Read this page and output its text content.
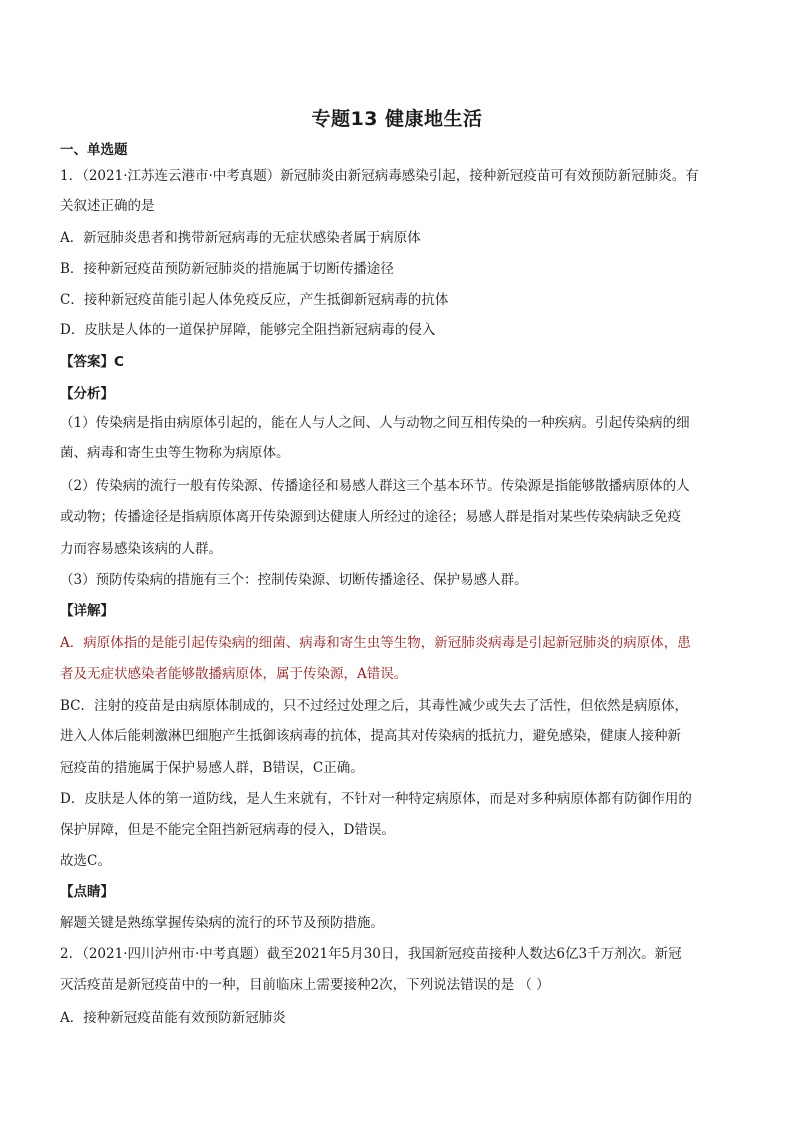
专题13 健康地生活
一、单选题
1．（2021·江苏连云港市·中考真题）新冠肺炎由新冠病毒感染引起，接种新冠疫苗可有效预防新冠肺炎。有
关叙述正确的是
A．新冠肺炎患者和携带新冠病毒的无症状感染者属于病原体
B．接种新冠疫苗预防新冠肺炎的措施属于切断传播途径
C．接种新冠疫苗能引起人体免疫反应，产生抵御新冠病毒的抗体
D．皮肤是人体的一道保护屏障，能够完全阻挡新冠病毒的侵入
【答案】C
【分析】
（1）传染病是指由病原体引起的，能在人与人之间、人与动物之间互相传染的一种疾病。引起传染病的细
菌、病毒和寄生虫等生物称为病原体。
（2）传染病的流行一般有传染源、传播途径和易感人群这三个基本环节。传染源是指能够散播病原体的人
或动物；传播途径是指病原体离开传染源到达健康人所经过的途径；易感人群是指对某些传染病缺乏免疫
力而容易感染该病的人群。
（3）预防传染病的措施有三个：控制传染源、切断传播途径、保护易感人群。
【详解】
A．病原体指的是能引起传染病的细菌、病毒和寄生虫等生物，新冠肺炎病毒是引起新冠肺炎的病原体，患
者及无症状感染者能够散播病原体，属于传染源，A错误。
BC．注射的疫苗是由病原体制成的，只不过经过处理之后，其毒性减少或失去了活性，但依然是病原体，
进入人体后能刺激淋巴细胞产生抵御该病毒的抗体，提高其对传染病的抵抗力，避免感染，健康人接种新
冠疫苗的措施属于保护易感人群，B错误，C正确。
D．皮肤是人体的第一道防线，是人生来就有，不针对一种特定病原体，而是对多种病原体都有防御作用的
保护屏障，但是不能完全阻挡新冠病毒的侵入，D错误。
故选C。
【点睛】
解题关键是熟练掌握传染病的流行的环节及预防措施。
2．（2021·四川泸州市·中考真题）截至2021年5月30日，我国新冠疫苗接种人数达6亿3千万剂次。新冠
灭活疫苗是新冠疫苗中的一种，目前临床上需要接种2次，下列说法错误的是 （ ）
A．接种新冠疫苗能有效预防新冠肺炎
